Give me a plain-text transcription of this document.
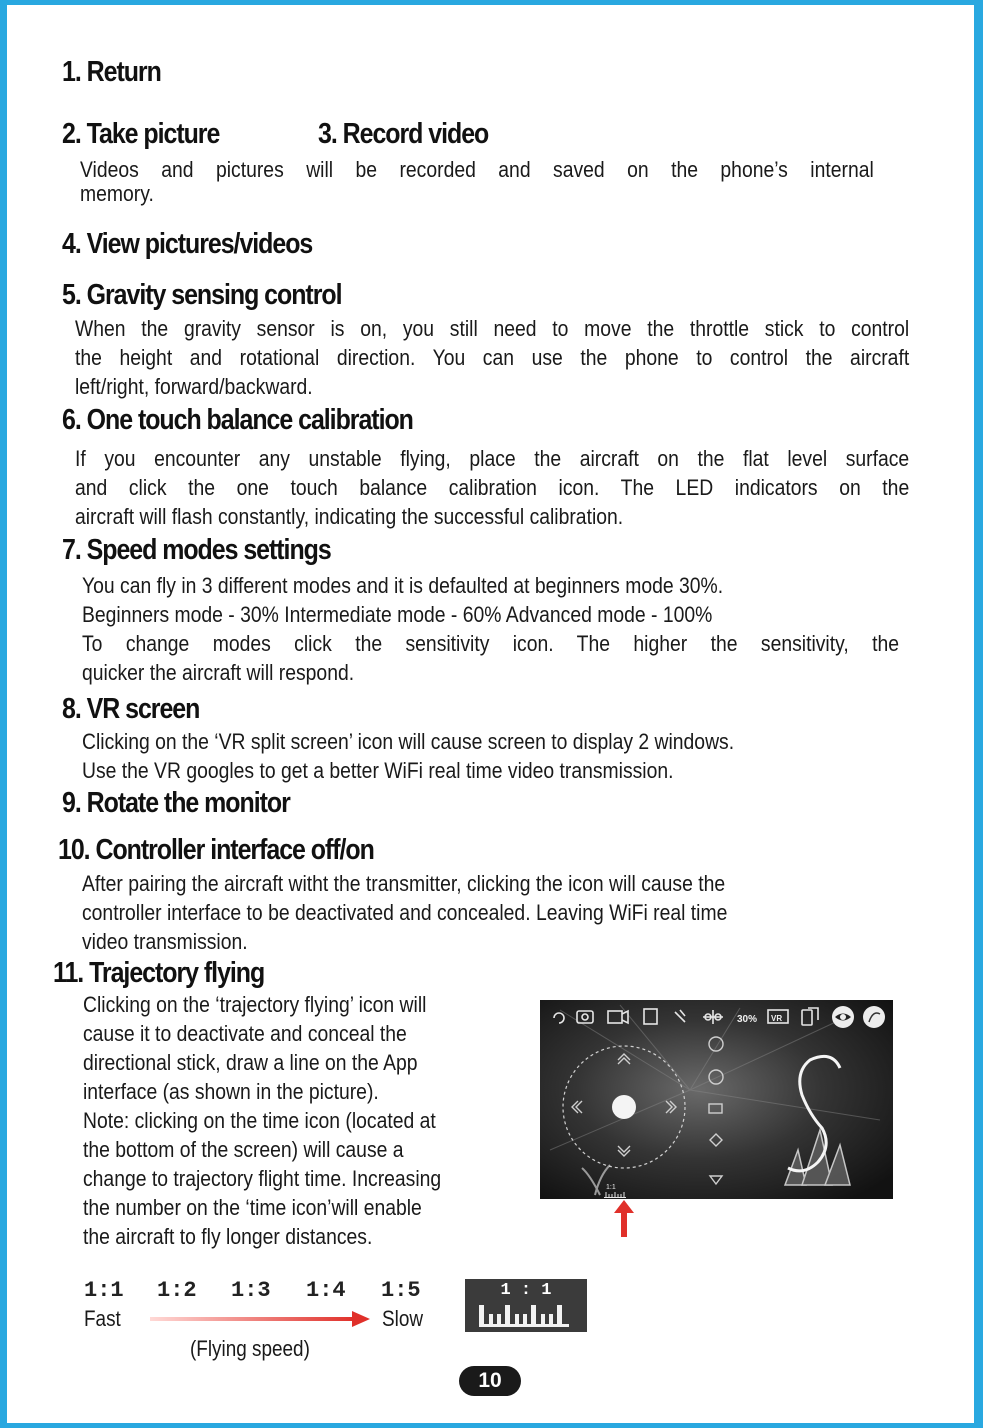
1. Return
2. Take picture	3. Record video
Videos and pictures will be recorded and saved on the phone’s internal
memory.
4. View pictures/videos
5. Gravity sensing control
When the gravity sensor is on, you still need to move the throttle stick to control
the height and rotational direction. You can use the phone to control the aircraft
left/right, forward/backward.
6. One touch balance calibration
If you encounter any unstable flying, place the aircraft on the flat level surface
and click the one touch balance calibration icon. The LED indicators on the
aircraft will flash constantly, indicating the successful calibration.
7. Speed modes settings
You can fly in 3 different modes and it is defaulted at beginners mode 30%.
Beginners mode - 30% Intermediate mode - 60% Advanced mode - 100%
To change modes click the sensitivity icon. The higher the sensitivity, the
quicker the aircraft will respond.
8. VR screen
Clicking on the ‘VR split screen’ icon will cause screen to display 2 windows.
Use the VR googles to get a better WiFi real time video transmission.
9. Rotate the monitor
10. Controller interface off/on
After pairing the aircraft witht the transmitter, clicking the icon will cause the
controller interface to be deactivated and concealed. Leaving WiFi real time
video transmission.
11. Trajectory flying
Clicking on the ‘trajectory flying’ icon will
cause it to deactivate and conceal the
directional stick, draw a line on the App
interface (as shown in the picture).
Note: clicking on the time icon (located at
the bottom of the screen) will cause a
change to trajectory flight time. Increasing
the number on the ‘time icon’will enable
the aircraft to fly longer distances.
30% VR
1:1
1:1 1:2 1:3 1:4 1:5
Fast	Slow
(Flying speed)
1 : 1
10
